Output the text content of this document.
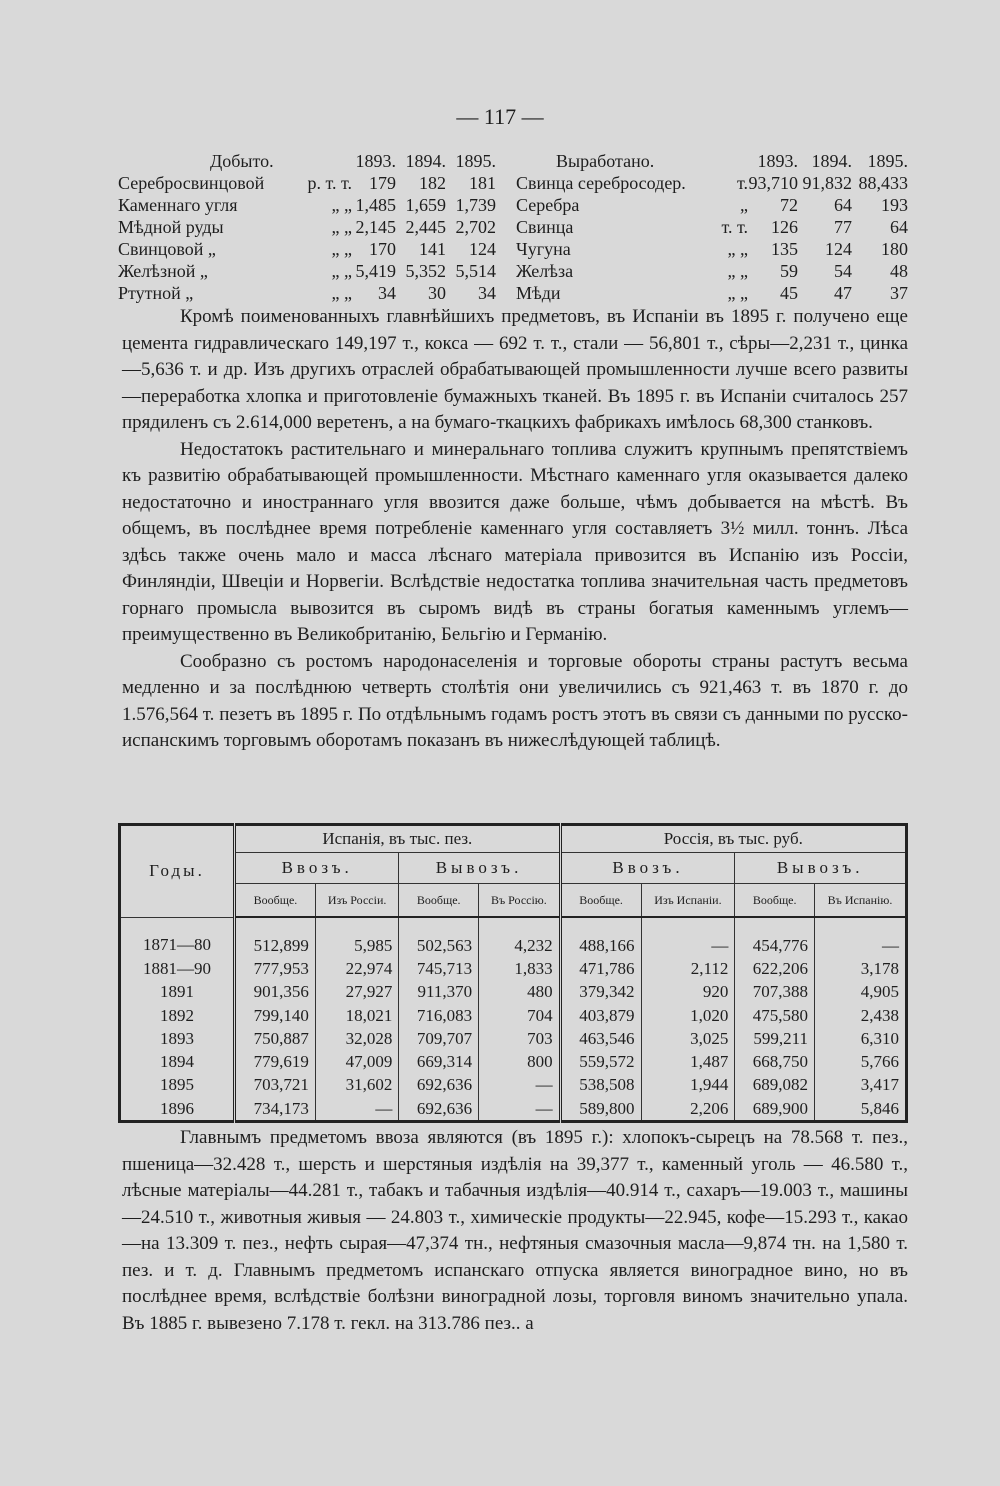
— 117 —
Добыто.	1893. 1894. 1895.
Серебросвинцовой	р. т. т. 179	182	181
Каменнаго угля	„ „ 1,485 1,659 1,739
Мѣдной руды	„ „ 2,145 2,445 2,702
Свинцовой „	„ „ 170	141	124
Желѣзной „	„ „ 5,419 5,352 5,514
Ртутной „	„ „	34	30	34
Выработано.	1893. 1894. 1895.
Свинца серебросодер.	т. 93,710 91,832 88,433
Серебра	„	72	64	193
Свинца	т. т.	126	77	64
Чугуна	„ „	135	124	180
Желѣза	„ „	59	54	48
Мѣди	„ „	45	47	37

Кромѣ поименованныхъ главнѣйшихъ предметовъ, въ Испаніи въ 1895 г. получено еще цемента гидравлическаго 149,197 т., кокса — 692 т. т., стали — 56,801 т., сѣры—2,231 т., цинка—5,636 т. и др. Изъ другихъ отраслей обрабатывающей промышленности лучше всего развиты—переработка хлопка и приготовленіе бумажныхъ тканей. Въ 1895 г. въ Испаніи считалось 257 прядиленъ съ 2.614,000 веретенъ, а на бумаго-ткацкихъ фабрикахъ имѣлось 68,300 станковъ.

Недостатокъ растительнаго и минеральнаго топлива служитъ крупнымъ препятствіемъ къ развитію обрабатывающей промышленности. Мѣстнаго каменнаго угля оказывается далеко недостаточно и иностраннаго угля ввозится даже больше, чѣмъ добывается на мѣстѣ. Въ общемъ, въ послѣднее время потребленіе каменнаго угля составляетъ 3½ милл. тоннъ. Лѣса здѣсь также очень мало и масса лѣснаго матеріала привозится въ Испанію изъ Россіи, Финляндіи, Швеціи и Норвегіи. Вслѣдствіе недостатка топлива значительная часть предметовъ горнаго промысла вывозится въ сыромъ видѣ въ страны богатыя каменнымъ углемъ—преимущественно въ Великобританію, Бельгію и Германію.

Сообразно съ ростомъ народонаселенія и торговые обороты страны растутъ весьма медленно и за послѣднюю четверть столѣтія они увеличились съ 921,463 т. въ 1870 г. до 1.576,564 т. пезетъ въ 1895 г. По отдѣльнымъ годамъ ростъ этотъ въ связи съ данными по русско-испанскимъ торговымъ оборотамъ показанъ въ нижеслѣдующей таблицѣ.

Годы.	Испанія, въ тыс. пез.				Россія, въ тыс. руб.			
	Ввозъ.		Вывозъ.		Ввозъ.		Вывозъ.	
	Вообще.	Изъ Россіи.	Вообще.	Въ Россію.	Вообще.	Изъ Испаніи.	Вообще.	Въ Испанію.
1871—80	512,899	5,985	502,563	4,232	488,166	—	454,776	—
1881—90	777,953	22,974	745,713	1,833	471,786	2,112	622,206	3,178
1891	901,356	27,927	911,370	480	379,342	920	707,388	4,905
1892	799,140	18,021	716,083	704	403,879	1,020	475,580	2,438
1893	750,887	32,028	709,707	703	463,546	3,025	599,211	6,310
1894	779,619	47,009	669,314	800	559,572	1,487	668,750	5,766
1895	703,721	31,602	692,636	—	538,508	1,944	689,082	3,417
1896	734,173	—	692,636	—	589,800	2,206	689,900	5,846

Главнымъ предметомъ ввоза являются (въ 1895 г.): хлопокъ-сырецъ на 78.568 т. пез., пшеница—32.428 т., шерсть и шерстяныя издѣлія на 39,377 т., каменный уголь — 46.580 т., лѣсные матеріалы—44.281 т., табакъ и табачныя издѣлія—40.914 т., сахаръ—19.003 т., машины—24.510 т., животныя живыя — 24.803 т., химическіе продукты—22.945, кофе—15.293 т., какао—на 13.309 т. пез., нефть сырая—47,374 тн., нефтяныя смазочныя масла—9,874 тн. на 1,580 т. пез. и т. д. Главнымъ предметомъ испанскаго отпуска является виноградное вино, но въ послѣднее время, вслѣдствіе болѣзни виноградной лозы, торговля виномъ значительно упала. Въ 1885 г. вывезено 7.178 т. гекл. на 313.786 пез.. а
